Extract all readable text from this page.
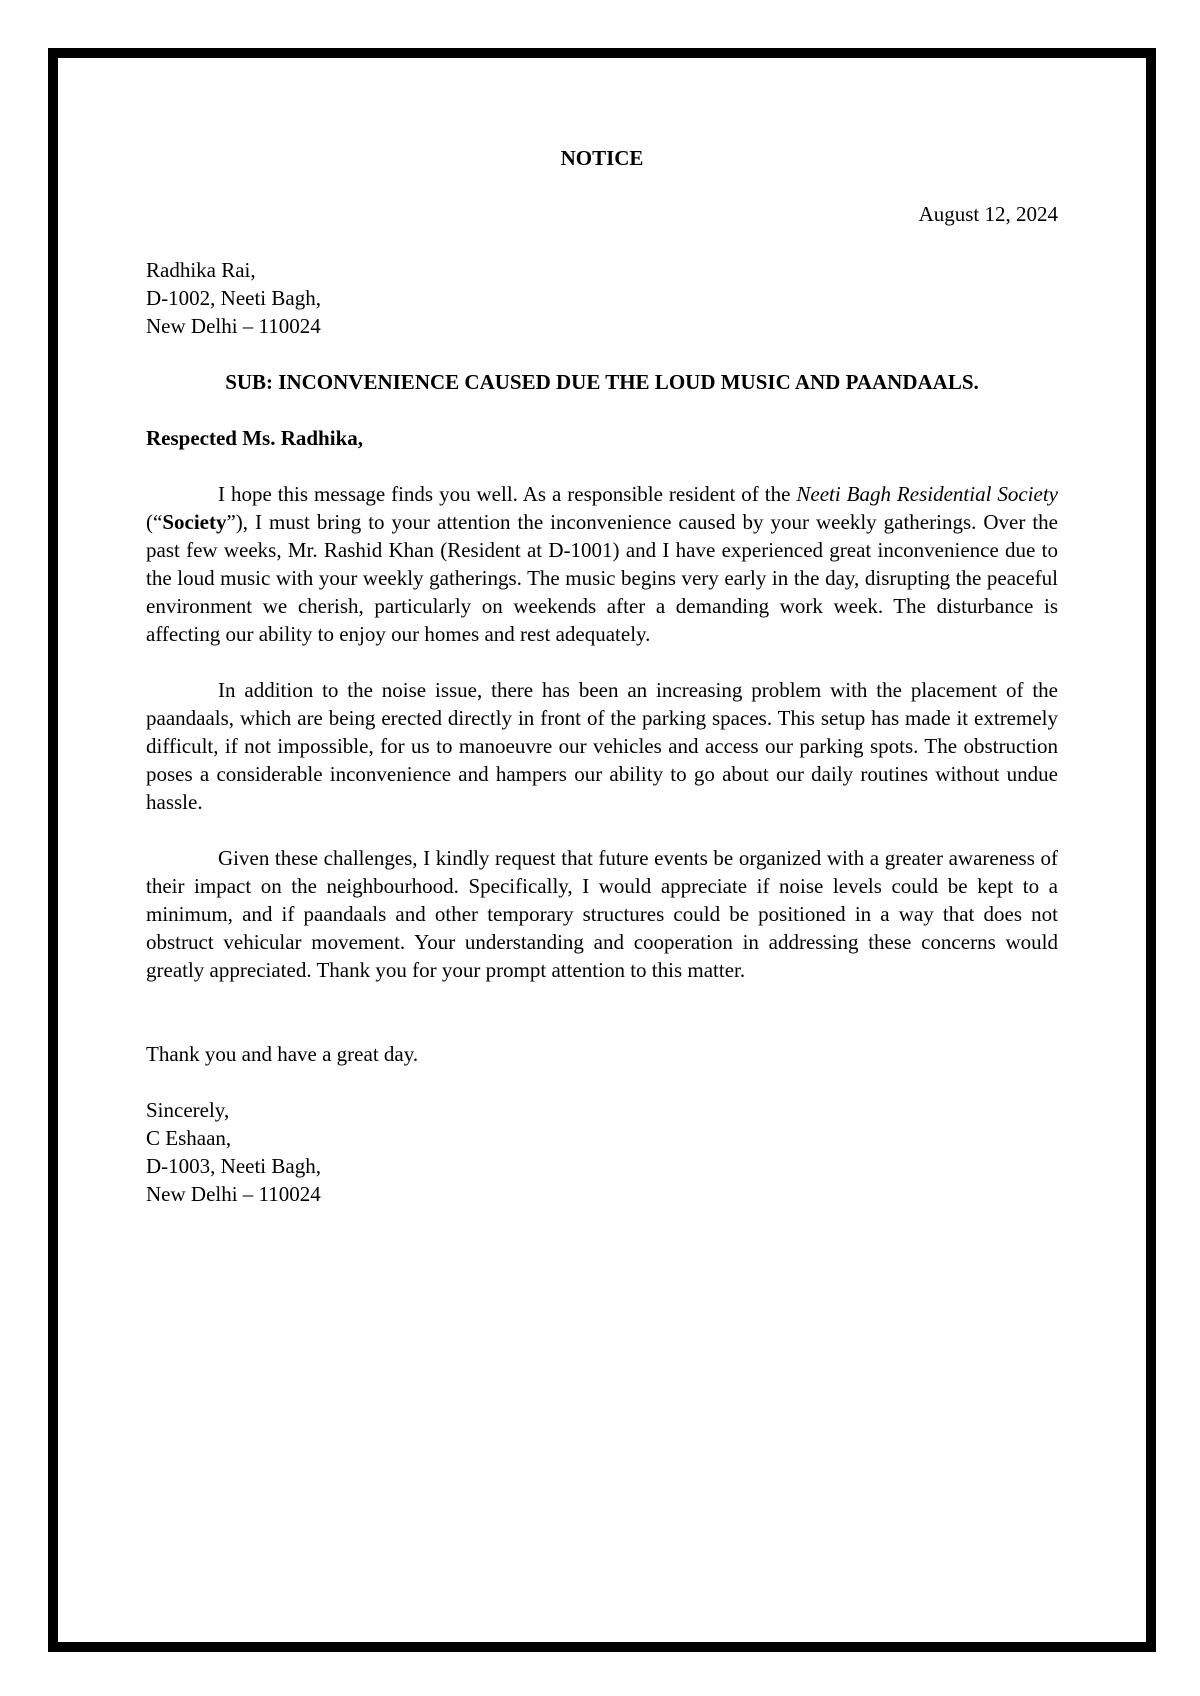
NOTICE
August 12, 2024
Radhika Rai,
D-1002, Neeti Bagh,
New Delhi – 110024
SUB: INCONVENIENCE CAUSED DUE THE LOUD MUSIC AND PAANDAALS.
Respected Ms. Radhika,

I hope this message finds you well. As a responsible resident of the Neeti Bagh Residential Society (“Society”), I must bring to your attention the inconvenience caused by your weekly gatherings. Over the past few weeks, Mr. Rashid Khan (Resident at D-1001) and I have experienced great inconvenience due to the loud music with your weekly gatherings. The music begins very early in the day, disrupting the peaceful environment we cherish, particularly on weekends after a demanding work week. The disturbance is affecting our ability to enjoy our homes and rest adequately.

In addition to the noise issue, there has been an increasing problem with the placement of the paandaals, which are being erected directly in front of the parking spaces. This setup has made it extremely difficult, if not impossible, for us to manoeuvre our vehicles and access our parking spots. The obstruction poses a considerable inconvenience and hampers our ability to go about our daily routines without undue hassle.

Given these challenges, I kindly request that future events be organized with a greater awareness of their impact on the neighbourhood. Specifically, I would appreciate if noise levels could be kept to a minimum, and if paandaals and other temporary structures could be positioned in a way that does not obstruct vehicular movement. Your understanding and cooperation in addressing these concerns would greatly appreciated. Thank you for your prompt attention to this matter.

Thank you and have a great day.
Sincerely,
C Eshaan,
D-1003, Neeti Bagh,
New Delhi – 110024
